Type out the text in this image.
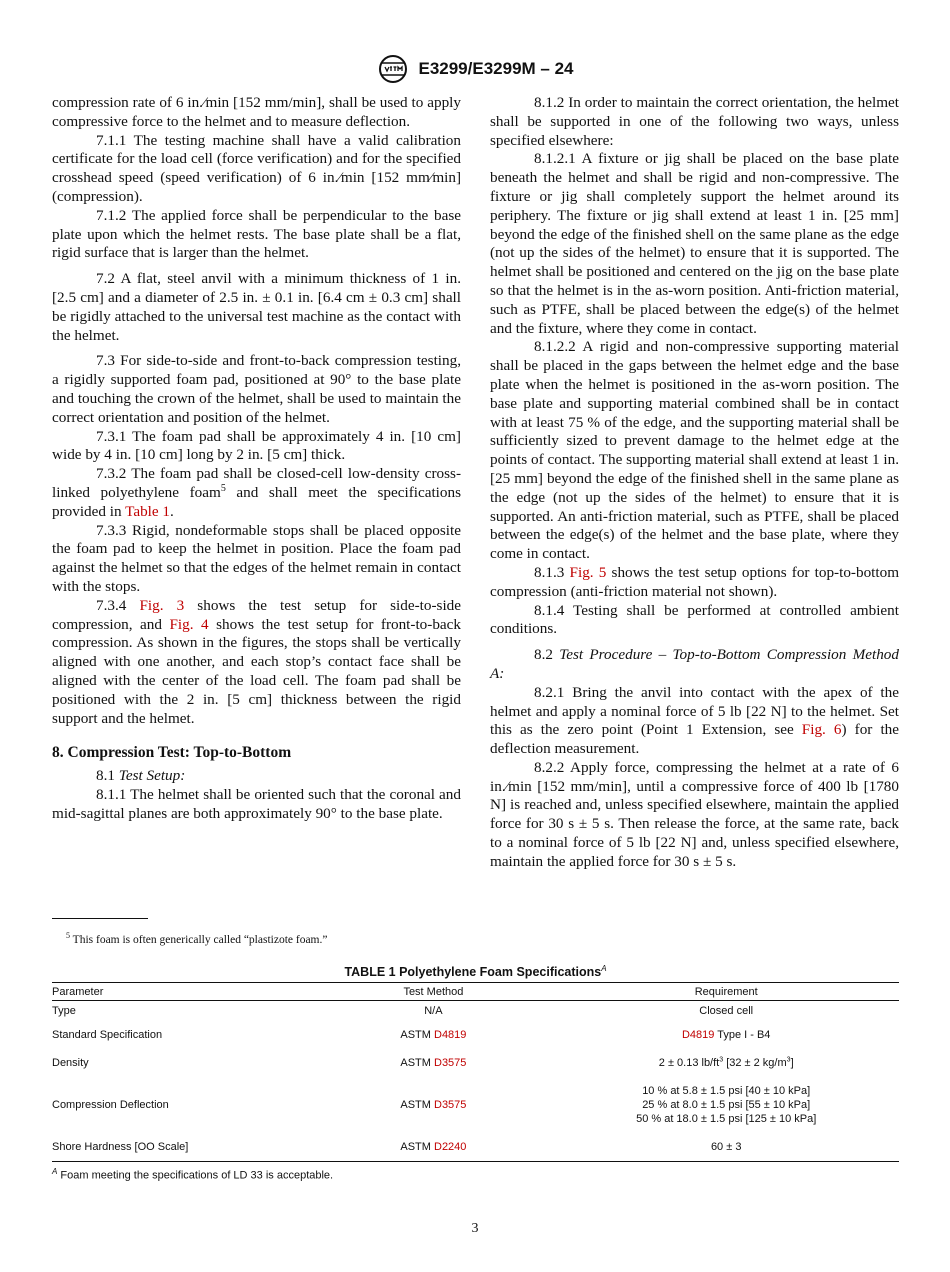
E3299/E3299M – 24

compression rate of 6 in.⁄min [152 mm/min], shall be used to apply compressive force to the helmet and to measure deflection.

7.1.1 The testing machine shall have a valid calibration certificate for the load cell (force verification) and for the specified crosshead speed (speed verification) of 6 in.⁄min [152 mm⁄min] (compression).

7.1.2 The applied force shall be perpendicular to the base plate upon which the helmet rests. The base plate shall be a flat, rigid surface that is larger than the helmet.

7.2 A flat, steel anvil with a minimum thickness of 1 in. [2.5 cm] and a diameter of 2.5 in. ± 0.1 in. [6.4 cm ± 0.3 cm] shall be rigidly attached to the universal test machine as the contact with the helmet.

7.3 For side-to-side and front-to-back compression testing, a rigidly supported foam pad, positioned at 90° to the base plate and touching the crown of the helmet, shall be used to maintain the correct orientation and position of the helmet.

7.3.1 The foam pad shall be approximately 4 in. [10 cm] wide by 4 in. [10 cm] long by 2 in. [5 cm] thick.

7.3.2 The foam pad shall be closed-cell low-density cross-linked polyethylene foam$^5$ and shall meet the specifications provided in Table 1.

7.3.3 Rigid, nondeformable stops shall be placed opposite the foam pad to keep the helmet in position. Place the foam pad against the helmet so that the edges of the helmet remain in contact with the stops.

7.3.4 Fig. 3 shows the test setup for side-to-side compression, and Fig. 4 shows the test setup for front-to-back compression. As shown in the figures, the stops shall be vertically aligned with one another, and each stop’s contact face shall be aligned with the center of the load cell. The foam pad shall be positioned with the 2 in. [5 cm] thickness between the rigid support and the helmet.

8. Compression Test: Top-to-Bottom

8.1 Test Setup:

8.1.1 The helmet shall be oriented such that the coronal and mid-sagittal planes are both approximately 90° to the base plate.

8.1.2 In order to maintain the correct orientation, the helmet shall be supported in one of the following two ways, unless specified elsewhere:

8.1.2.1 A fixture or jig shall be placed on the base plate beneath the helmet and shall be rigid and non-compressive. The fixture or jig shall completely support the helmet around its periphery. The fixture or jig shall extend at least 1 in. [25 mm] beyond the edge of the finished shell on the same plane as the edge (not up the sides of the helmet) to ensure that it is supported. The helmet shall be positioned and centered on the jig on the base plate so that the helmet is in the as-worn position. Anti-friction material, such as PTFE, shall be placed between the edge(s) of the helmet and the fixture, where they come in contact.

8.1.2.2 A rigid and non-compressive supporting material shall be placed in the gaps between the helmet edge and the base plate when the helmet is positioned in the as-worn position. The base plate and supporting material combined shall be in contact with at least 75 % of the edge, and the supporting material shall be sufficiently sized to prevent damage to the helmet edge at the points of contact. The supporting material shall extend at least 1 in. [25 mm] beyond the edge of the finished shell in the same plane as the edge (not up the sides of the helmet) to ensure that it is supported. An anti-friction material, such as PTFE, shall be placed between the edge(s) of the helmet and the base plate, where they come in contact.

8.1.3 Fig. 5 shows the test setup options for top-to-bottom compression (anti-friction material not shown).

8.1.4 Testing shall be performed at controlled ambient conditions.

8.2 Test Procedure – Top-to-Bottom Compression Method A:

8.2.1 Bring the anvil into contact with the apex of the helmet and apply a nominal force of 5 lb [22 N] to the helmet. Set this as the zero point (Point 1 Extension, see Fig. 6) for the deflection measurement.

8.2.2 Apply force, compressing the helmet at a rate of 6 in.⁄min [152 mm/min], until a compressive force of 400 lb [1780 N] is reached and, unless specified elsewhere, maintain the applied force for 30 s ± 5 s. Then release the force, at the same rate, back to a nominal force of 5 lb [22 N] and, unless specified elsewhere, maintain the applied force for 30 s ± 5 s.

$^5$ This foam is often generically called “plastizote foam.”
TABLE 1 Polyethylene Foam Specifications$^A$
Parameter	Test Method	Requirement
Type	N/A	Closed cell
Standard Specification	ASTM D4819	D4819 Type I - B4
Density	ASTM D3575	2 ± 0.13 $lb/ft^3$ [32 ± 2 $kg/m^3$]
Compression Deflection	ASTM D3575	10 % at 5.8 ± 1.5 psi [40 ± 10 kPa]
25 % at 8.0 ± 1.5 psi [55 ± 10 kPa]
50 % at 18.0 ± 1.5 psi [125 ± 10 kPa]

Shore Hardness [OO Scale]	ASTM D2240	60 ± 3
$^A$ Foam meeting the specifications of LD 33 is acceptable.
3
